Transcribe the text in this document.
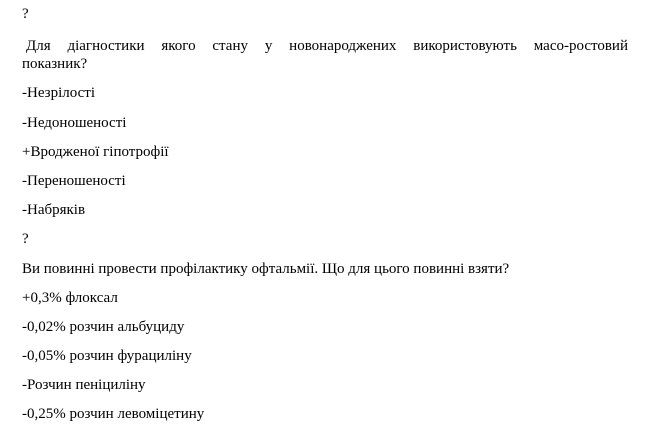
?
Для діагностики якого стану у новонароджених використовують масо-ростовий
показник?
-Незрілості
-Недоношеності
+Вроджeної гіпотрофії
-Переношеності
-Набряків
?
Ви повинні провести профілактику офтальмії. Що для цього повинні взяти?
+0,3% флоксал
-0,02% розчин альбуциду
-0,05% розчин фурациліну
-Розчин пеніциліну
-0,25% розчин левоміцетину
